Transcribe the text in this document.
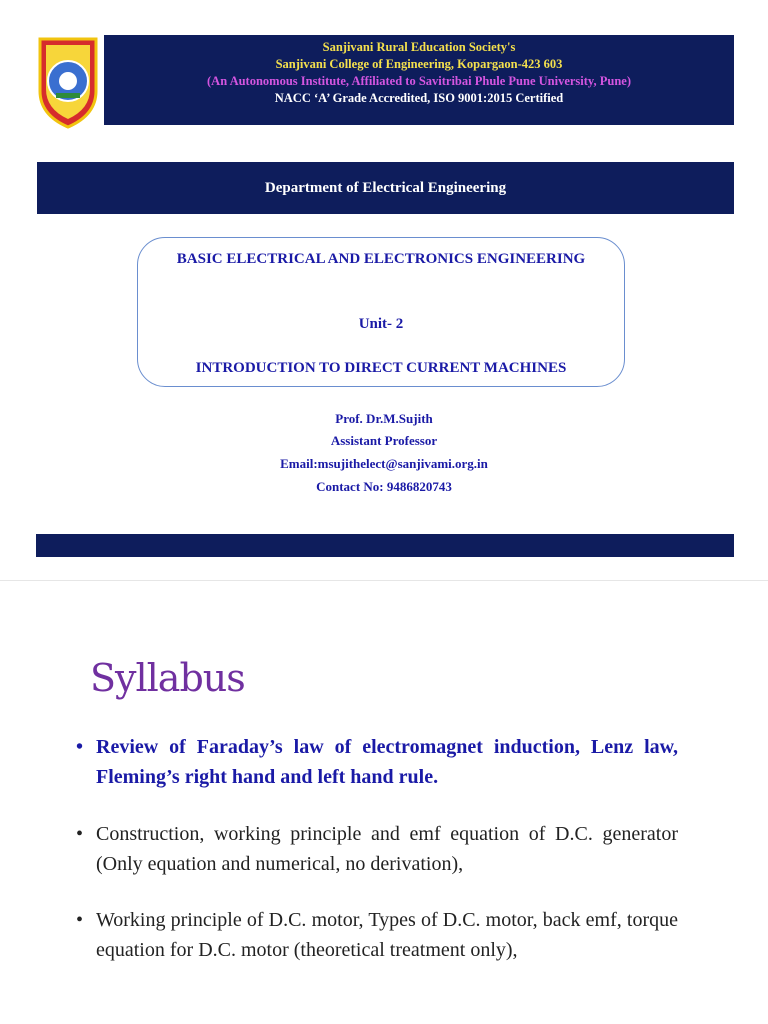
Sanjivani Rural Education Society's
Sanjivani College of Engineering, Kopargaon-423 603
(An Autonomous Institute, Affiliated to Savitribai Phule Pune University, Pune)
NACC ‘A’ Grade Accredited, ISO 9001:2015 Certified
Department of Electrical Engineering
BASIC ELECTRICAL AND ELECTRONICS ENGINEERING
Unit- 2
INTRODUCTION TO DIRECT CURRENT MACHINES
Prof. Dr.M.Sujith
Assistant Professor
Email:msujithelect@sanjivami.org.in
Contact No: 9486820743
Syllabus
• Review of Faraday’s law of electromagnet induction, Lenz law, Fleming’s right hand and left hand rule.
• Construction, working principle and emf equation of D.C. generator (Only equation and numerical, no derivation),
• Working principle of D.C. motor, Types of D.C. motor, back emf, torque equation for D.C. motor (theoretical treatment only),
